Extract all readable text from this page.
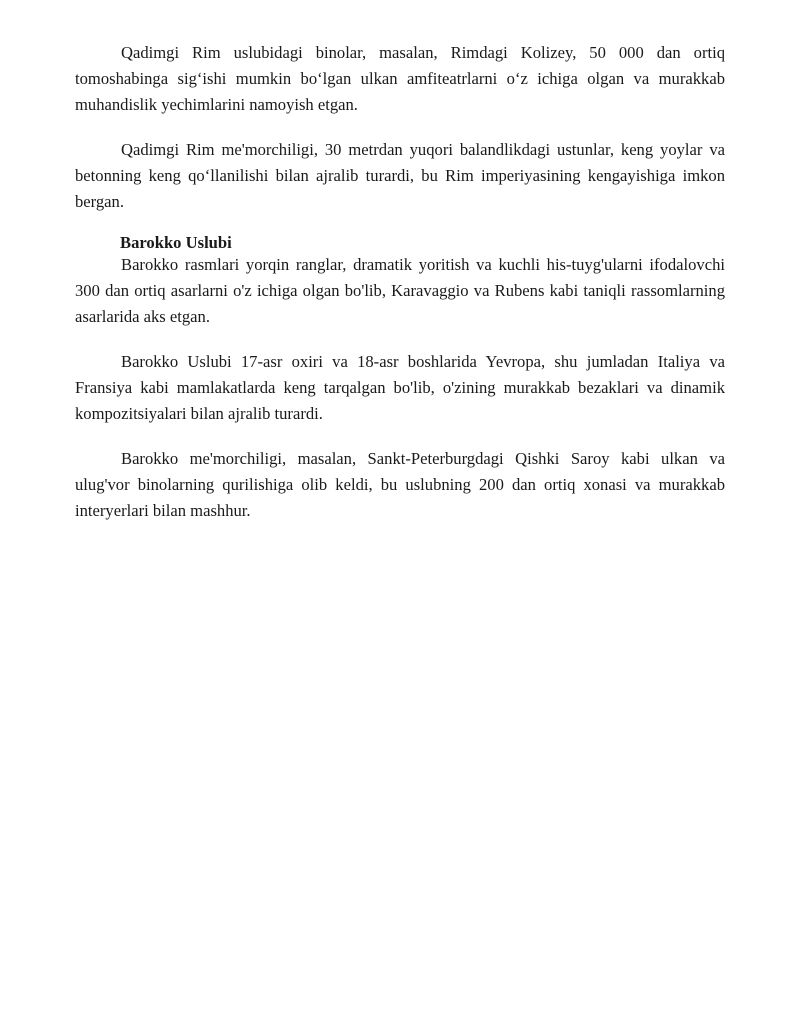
Qadimgi Rim uslubidagi binolar, masalan, Rimdagi Kolizey, 50 000 dan ortiq tomoshabinga sig‘ishi mumkin bo‘lgan ulkan amfiteatrlarni o‘z ichiga olgan va murakkab muhandislik yechimlarini namoyish etgan.

Qadimgi Rim me'morchiligi, 30 metrdan yuqori balandlikdagi ustunlar, keng yoylar va betonning keng qo‘llanilishi bilan ajralib turardi, bu Rim imperiyasining kengayishiga imkon bergan.

Barokko Uslubi

Barokko rasmlari yorqin ranglar, dramatik yoritish va kuchli his-tuyg'ularni ifodalovchi 300 dan ortiq asarlarni o'z ichiga olgan bo'lib, Karavaggio va Rubens kabi taniqli rassomlarning asarlarida aks etgan.

Barokko Uslubi 17-asr oxiri va 18-asr boshlarida Yevropa, shu jumladan Italiya va Fransiya kabi mamlakatlarda keng tarqalgan bo'lib, o'zining murakkab bezaklari va dinamik kompozitsiyalari bilan ajralib turardi.

Barokko me'morchiligi, masalan, Sankt-Peterburgdagi Qishki Saroy kabi ulkan va ulug'vor binolarning qurilishiga olib keldi, bu uslubning 200 dan ortiq xonasi va murakkab interyerlari bilan mashhur.
